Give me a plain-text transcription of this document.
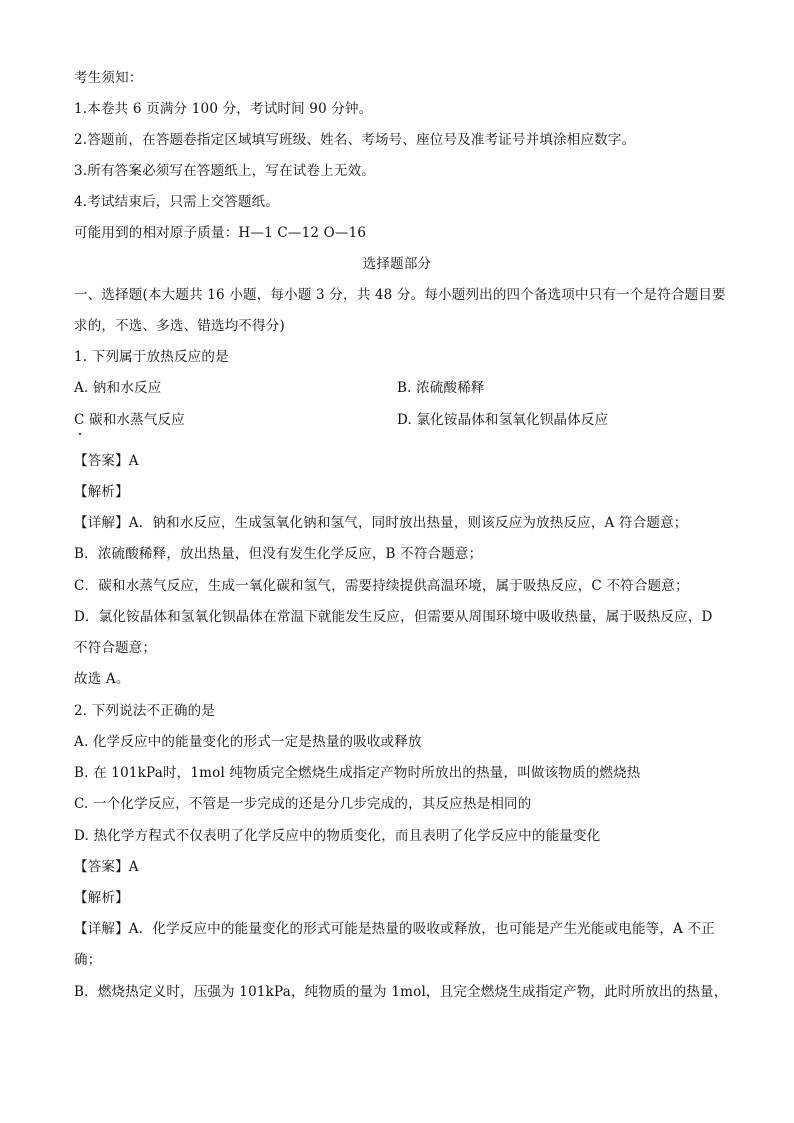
考生须知：
1.本卷共 6 页满分 100 分，考试时间 90 分钟。
2.答题前，在答题卷指定区域填写班级、姓名、考场号、座位号及准考证号并填涂相应数字。
3.所有答案必须写在答题纸上，写在试卷上无效。
4.考试结束后，只需上交答题纸。
可能用到的相对原子质量：H—1 C—12 O—16
选择题部分
一、选择题(本大题共 16 小题，每小题 3 分，共 48 分。每小题列出的四个备选项中只有一个是符合题目要
求的，不选、多选、错选均不得分)
1. 下列属于放热反应的是
A. 钠和水反应	B. 浓硫酸稀释
C 碳和水蒸气反应	D. 氯化铵晶体和氢氧化钡晶体反应
【答案】A
【解析】
【详解】A．钠和水反应，生成氢氧化钠和氢气，同时放出热量，则该反应为放热反应，A 符合题意；
B．浓硫酸稀释，放出热量，但没有发生化学反应，B 不符合题意；
C．碳和水蒸气反应，生成一氧化碳和氢气，需要持续提供高温环境，属于吸热反应，C 不符合题意；
D．氯化铵晶体和氢氧化钡晶体在常温下就能发生反应，但需要从周围环境中吸收热量，属于吸热反应，D
不符合题意；
故选 A。
2. 下列说法不正确的是
A. 化学反应中的能量变化的形式一定是热量的吸收或释放
B. 在 101kPa时，1mol 纯物质完全燃烧生成指定产物时所放出的热量，叫做该物质的燃烧热
C. 一个化学反应，不管是一步完成的还是分几步完成的，其反应热是相同的
D. 热化学方程式不仅表明了化学反应中的物质变化，而且表明了化学反应中的能量变化
【答案】A
【解析】
【详解】A．化学反应中的能量变化的形式可能是热量的吸收或释放，也可能是产生光能或电能等，A 不正
确；
B．燃烧热定义时，压强为 101kPa，纯物质的量为 1mol，且完全燃烧生成指定产物，此时所放出的热量，
